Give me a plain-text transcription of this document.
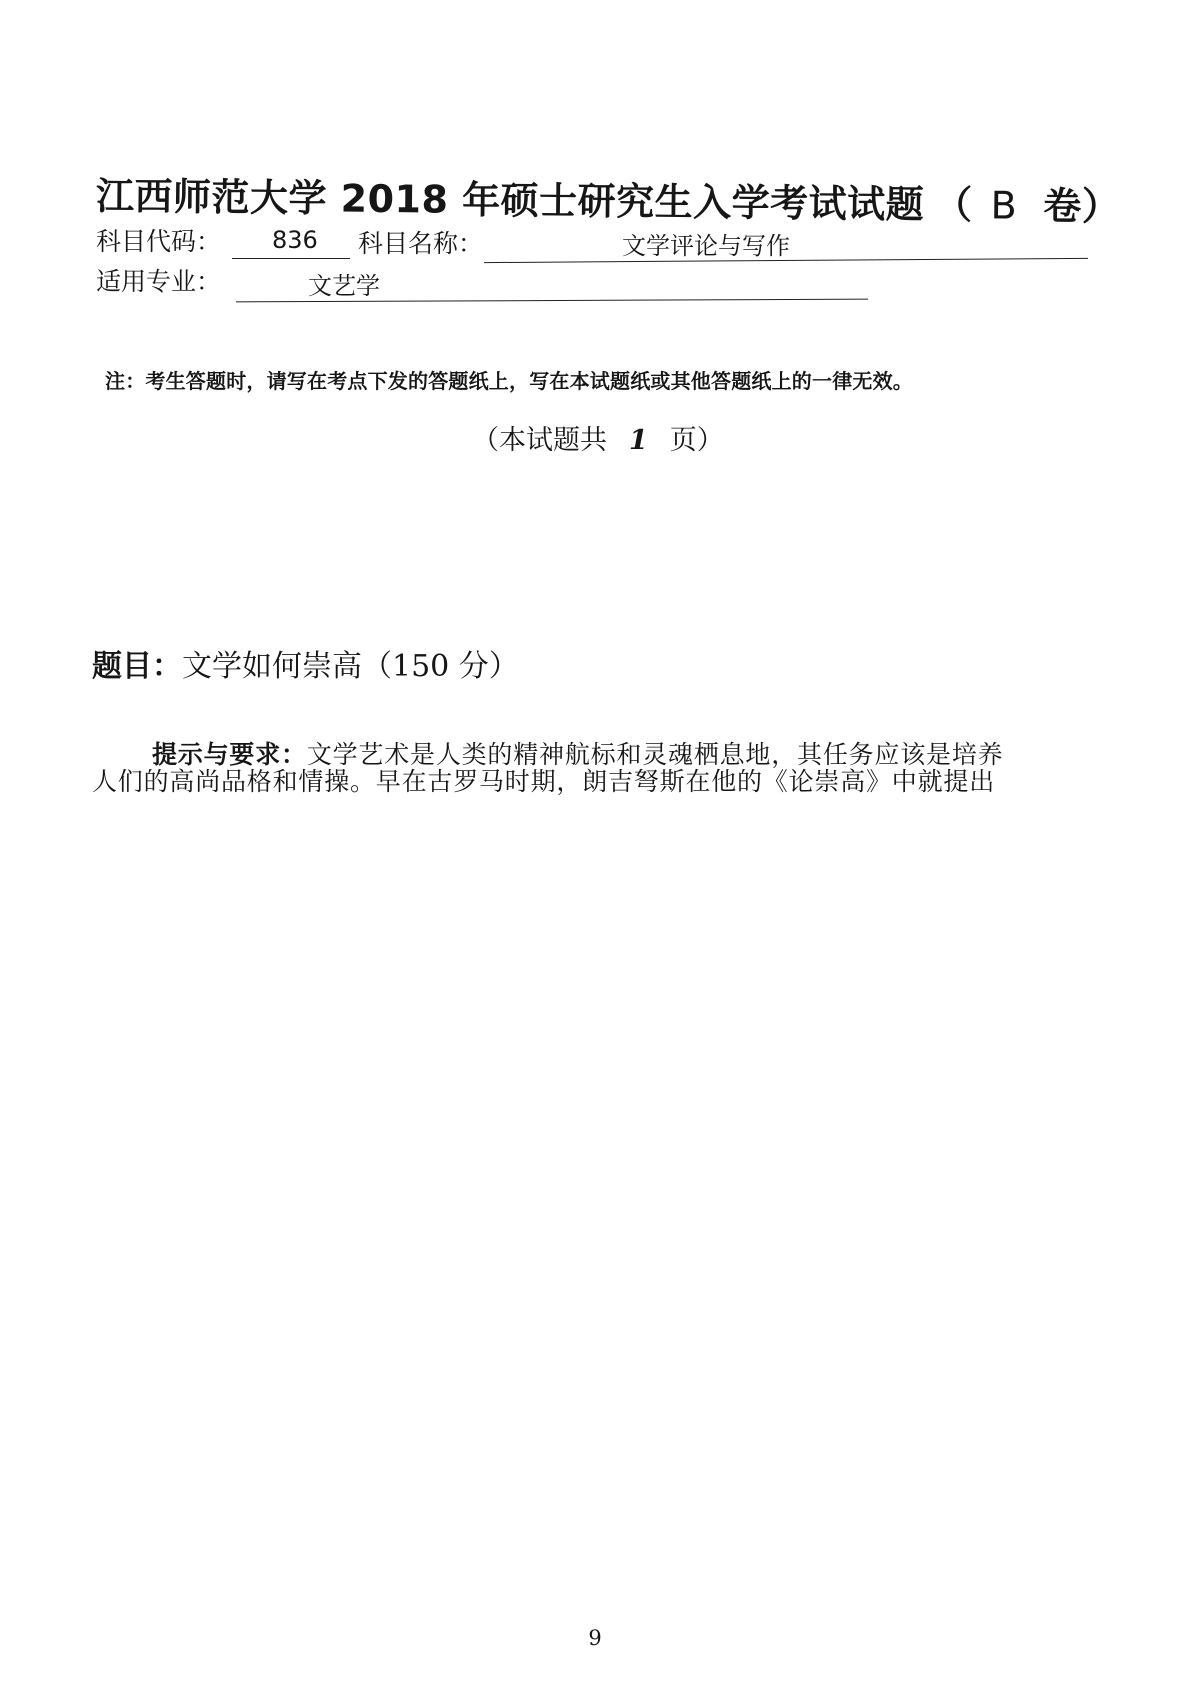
江西师范大学 2018 年硕士研究生入学考试试题 （ B 卷）
科目代码： 836 科目名称：	文学评论与写作
适用专业：	文艺学
注：考生答题时，请写在考点下发的答题纸上，写在本试题纸或其他答题纸上的一律无效。
（本试题共 1 页）
题目：文学如何崇高（150 分）
提示与要求：文学艺术是人类的精神航标和灵魂栖息地，其任务应该是培养
人们的高尚品格和情操。早在古罗马时期，朗吉弩斯在他的《论崇高》中就提出
9
